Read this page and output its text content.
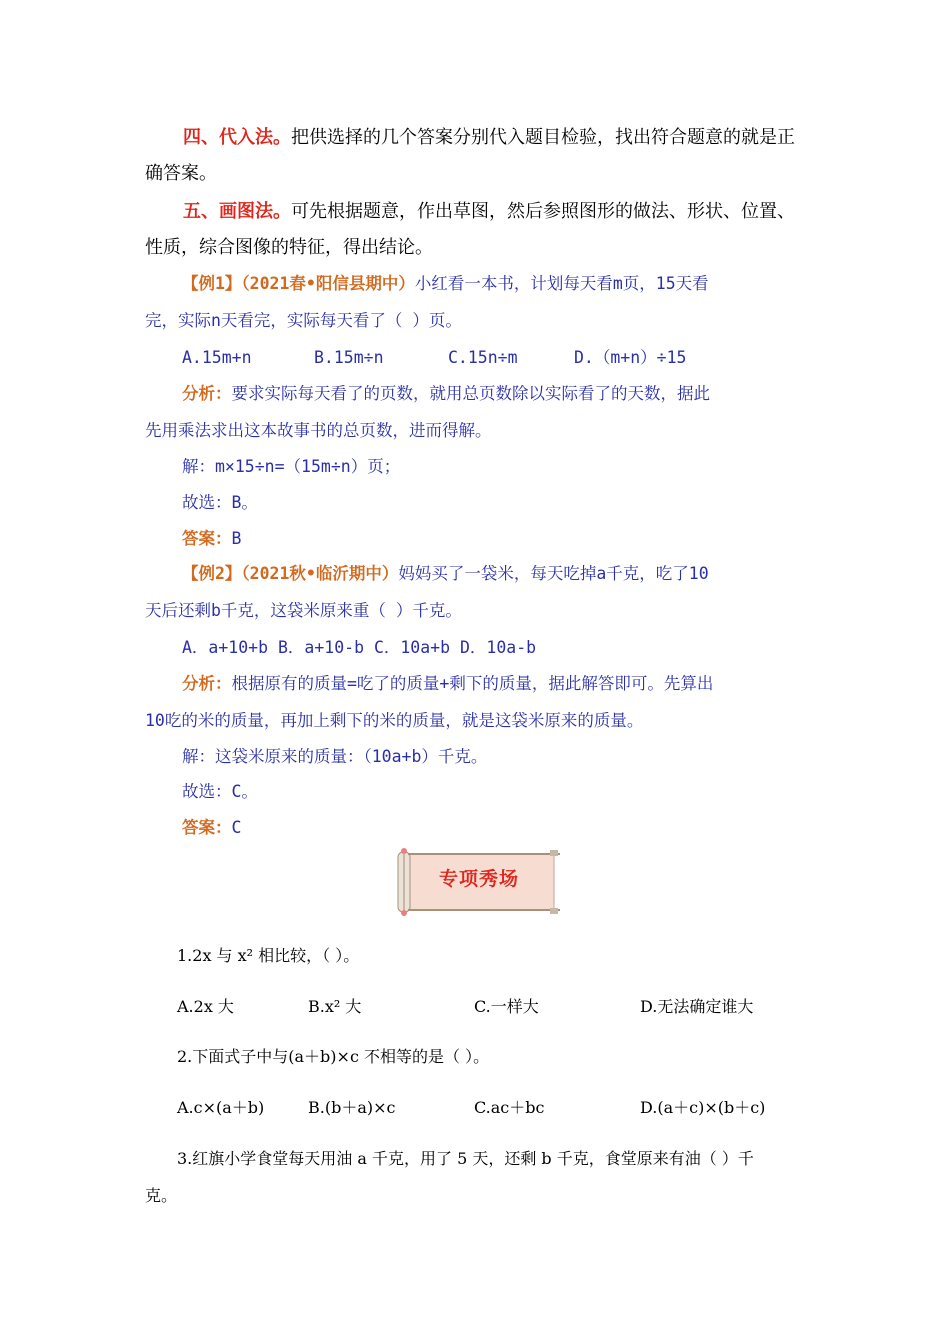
四、代入法。把供选择的几个答案分别代入题目检验，找出符合题意的就是正确答案。

五、画图法。可先根据题意，作出草图，然后参照图形的做法、形状、位置、性质，综合图像的特征，得出结论。

【例1】（2021春•阳信县期中）小红看一本书，计划每天看m页，15天看
完，实际n天看完，实际每天看了（ ）页。
A.15m+n	B.15m÷n	C.15n÷m	D.（m+n）÷15
分析：要求实际每天看了的页数，就用总页数除以实际看了的天数，据此
先用乘法求出这本故事书的总页数，进而得解。
解：m×15÷n=（15m÷n）页；
故选：B。
答案：B
【例2】（2021秋•临沂期中）妈妈买了一袋米，每天吃掉a千克，吃了10
天后还剩b千克，这袋米原来重（ ）千克。
A．a+10+b B．a+10-b C．10a+b D．10a-b
分析：根据原有的质量=吃了的质量+剩下的质量，据此解答即可。先算出
10吃的米的质量，再加上剩下的米的质量，就是这袋米原来的质量。
解：这袋米原来的质量：（10a+b）千克。
故选：C。
答案：C
专项秀场
1.2x 与 x² 相比较，（ ）。
A.2x 大	B.x² 大	C.一样大	D.无法确定谁大
2.下面式子中与(a＋b)×c 不相等的是（ ）。
A.c×(a＋b)	B.(b＋a)×c	C.ac＋bc	D.(a＋c)×(b＋c)
3.红旗小学食堂每天用油 a 千克，用了 5 天，还剩 b 千克，食堂原来有油（ ）千
克。
